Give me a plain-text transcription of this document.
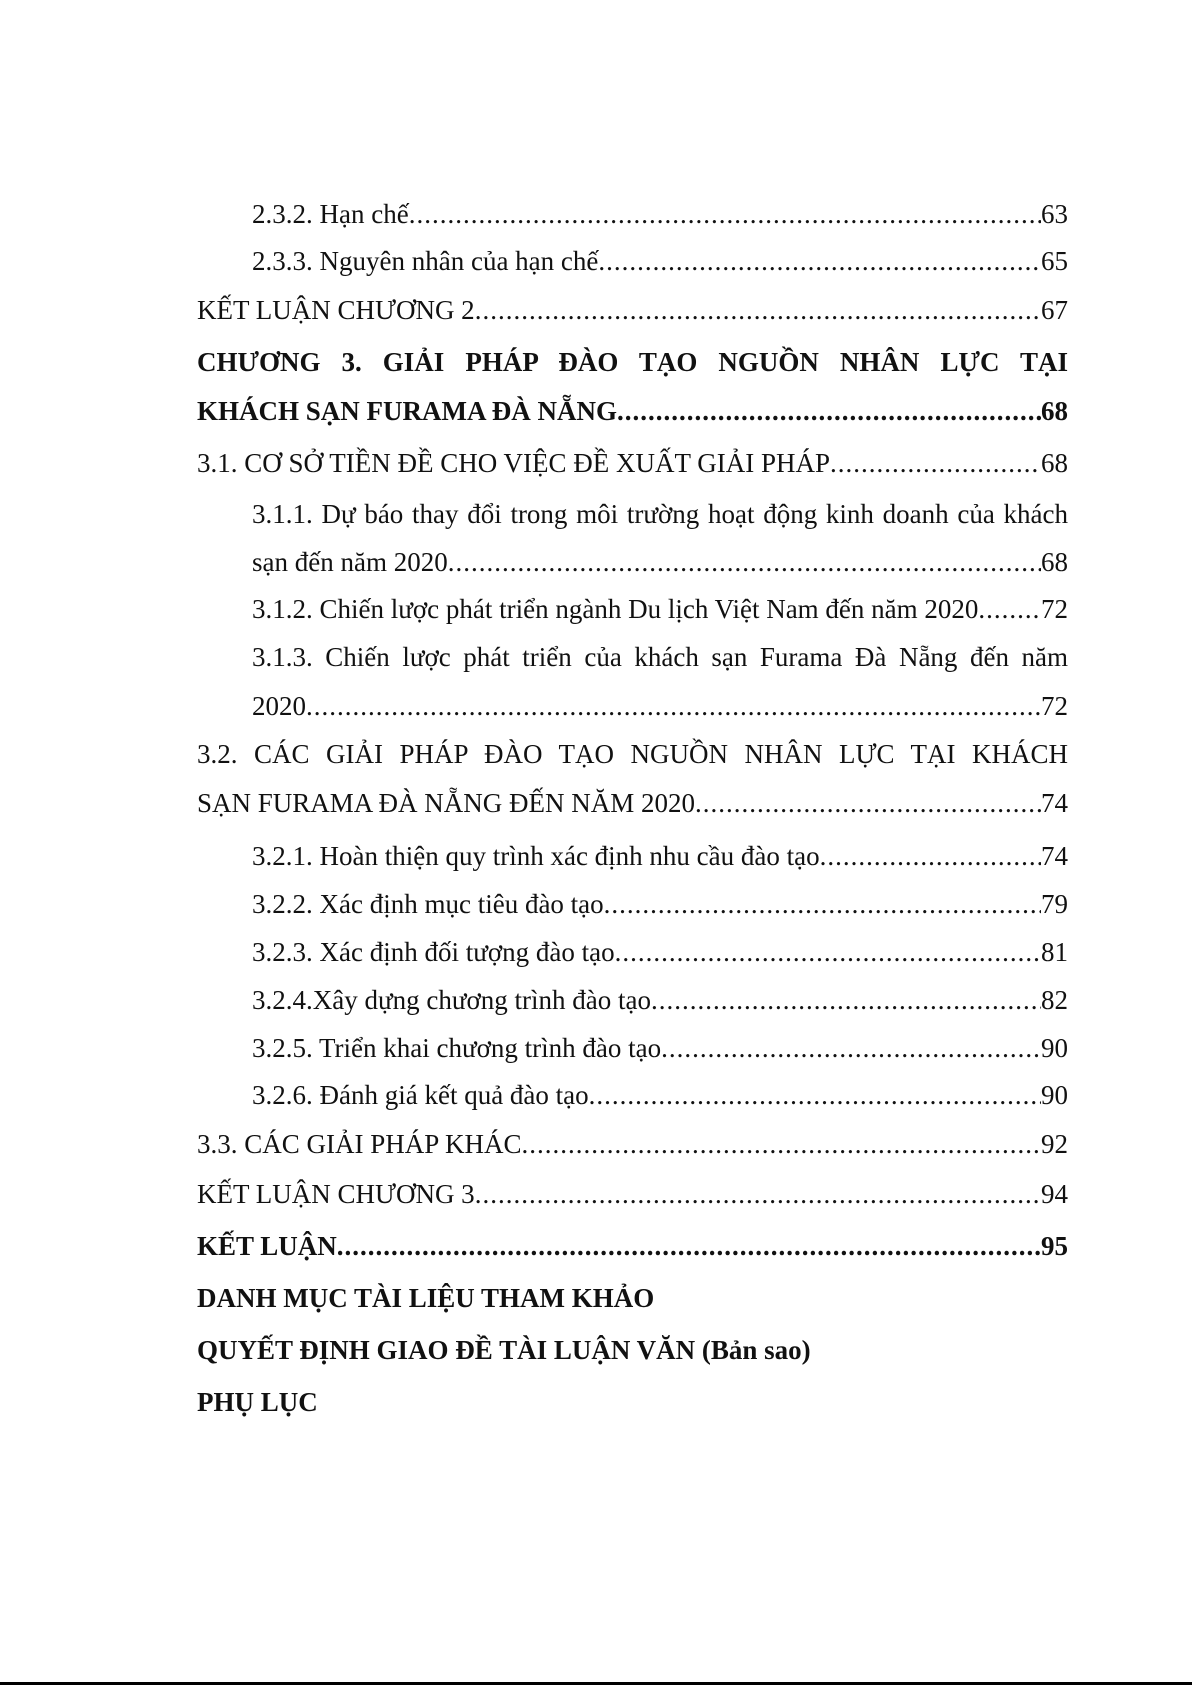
2.3.2. Hạn chế .....	63
2.3.3. Nguyên nhân của hạn chế .....	65
KẾT LUẬN CHƯƠNG 2 .....	67
CHƯƠNG 3. GIẢI PHÁP ĐÀO TẠO NGUỒN NHÂN LỰC TẠI
KHÁCH SẠN FURAMA ĐÀ NẴNG .....	68
3.1. CƠ SỞ TIỀN ĐỀ CHO VIỆC ĐỀ XUẤT GIẢI PHÁP .....	68
3.1.1. Dự báo thay đổi trong môi trường hoạt động kinh doanh của khách
sạn đến năm 2020 .....	68
3.1.2. Chiến lược phát triển ngành Du lịch Việt Nam đến năm 2020 ..... 72
3.1.3. Chiến lược phát triển của khách sạn Furama Đà Nẵng đến năm
2020 .....	72
3.2. CÁC GIẢI PHÁP ĐÀO TẠO NGUỒN NHÂN LỰC TẠI KHÁCH
SẠN FURAMA ĐÀ NẴNG ĐẾN NĂM 2020 .....	74
3.2.1. Hoàn thiện quy trình xác định nhu cầu đào tạo .....	74
3.2.2. Xác định mục tiêu đào tạo .....	79
3.2.3. Xác định đối tượng đào tạo .....	81
3.2.4.Xây dựng chương trình đào tạo .....	82
3.2.5. Triển khai chương trình đào tạo .....	90
3.2.6. Đánh giá kết quả đào tạo .....	90
3.3. CÁC GIẢI PHÁP KHÁC .....	92
KẾT LUẬN CHƯƠNG 3 .....	94
KẾT LUẬN .....	95
DANH MỤC TÀI LIỆU THAM KHẢO
QUYẾT ĐỊNH GIAO ĐỀ TÀI LUẬN VĂN (Bản sao)
PHỤ LỤC
